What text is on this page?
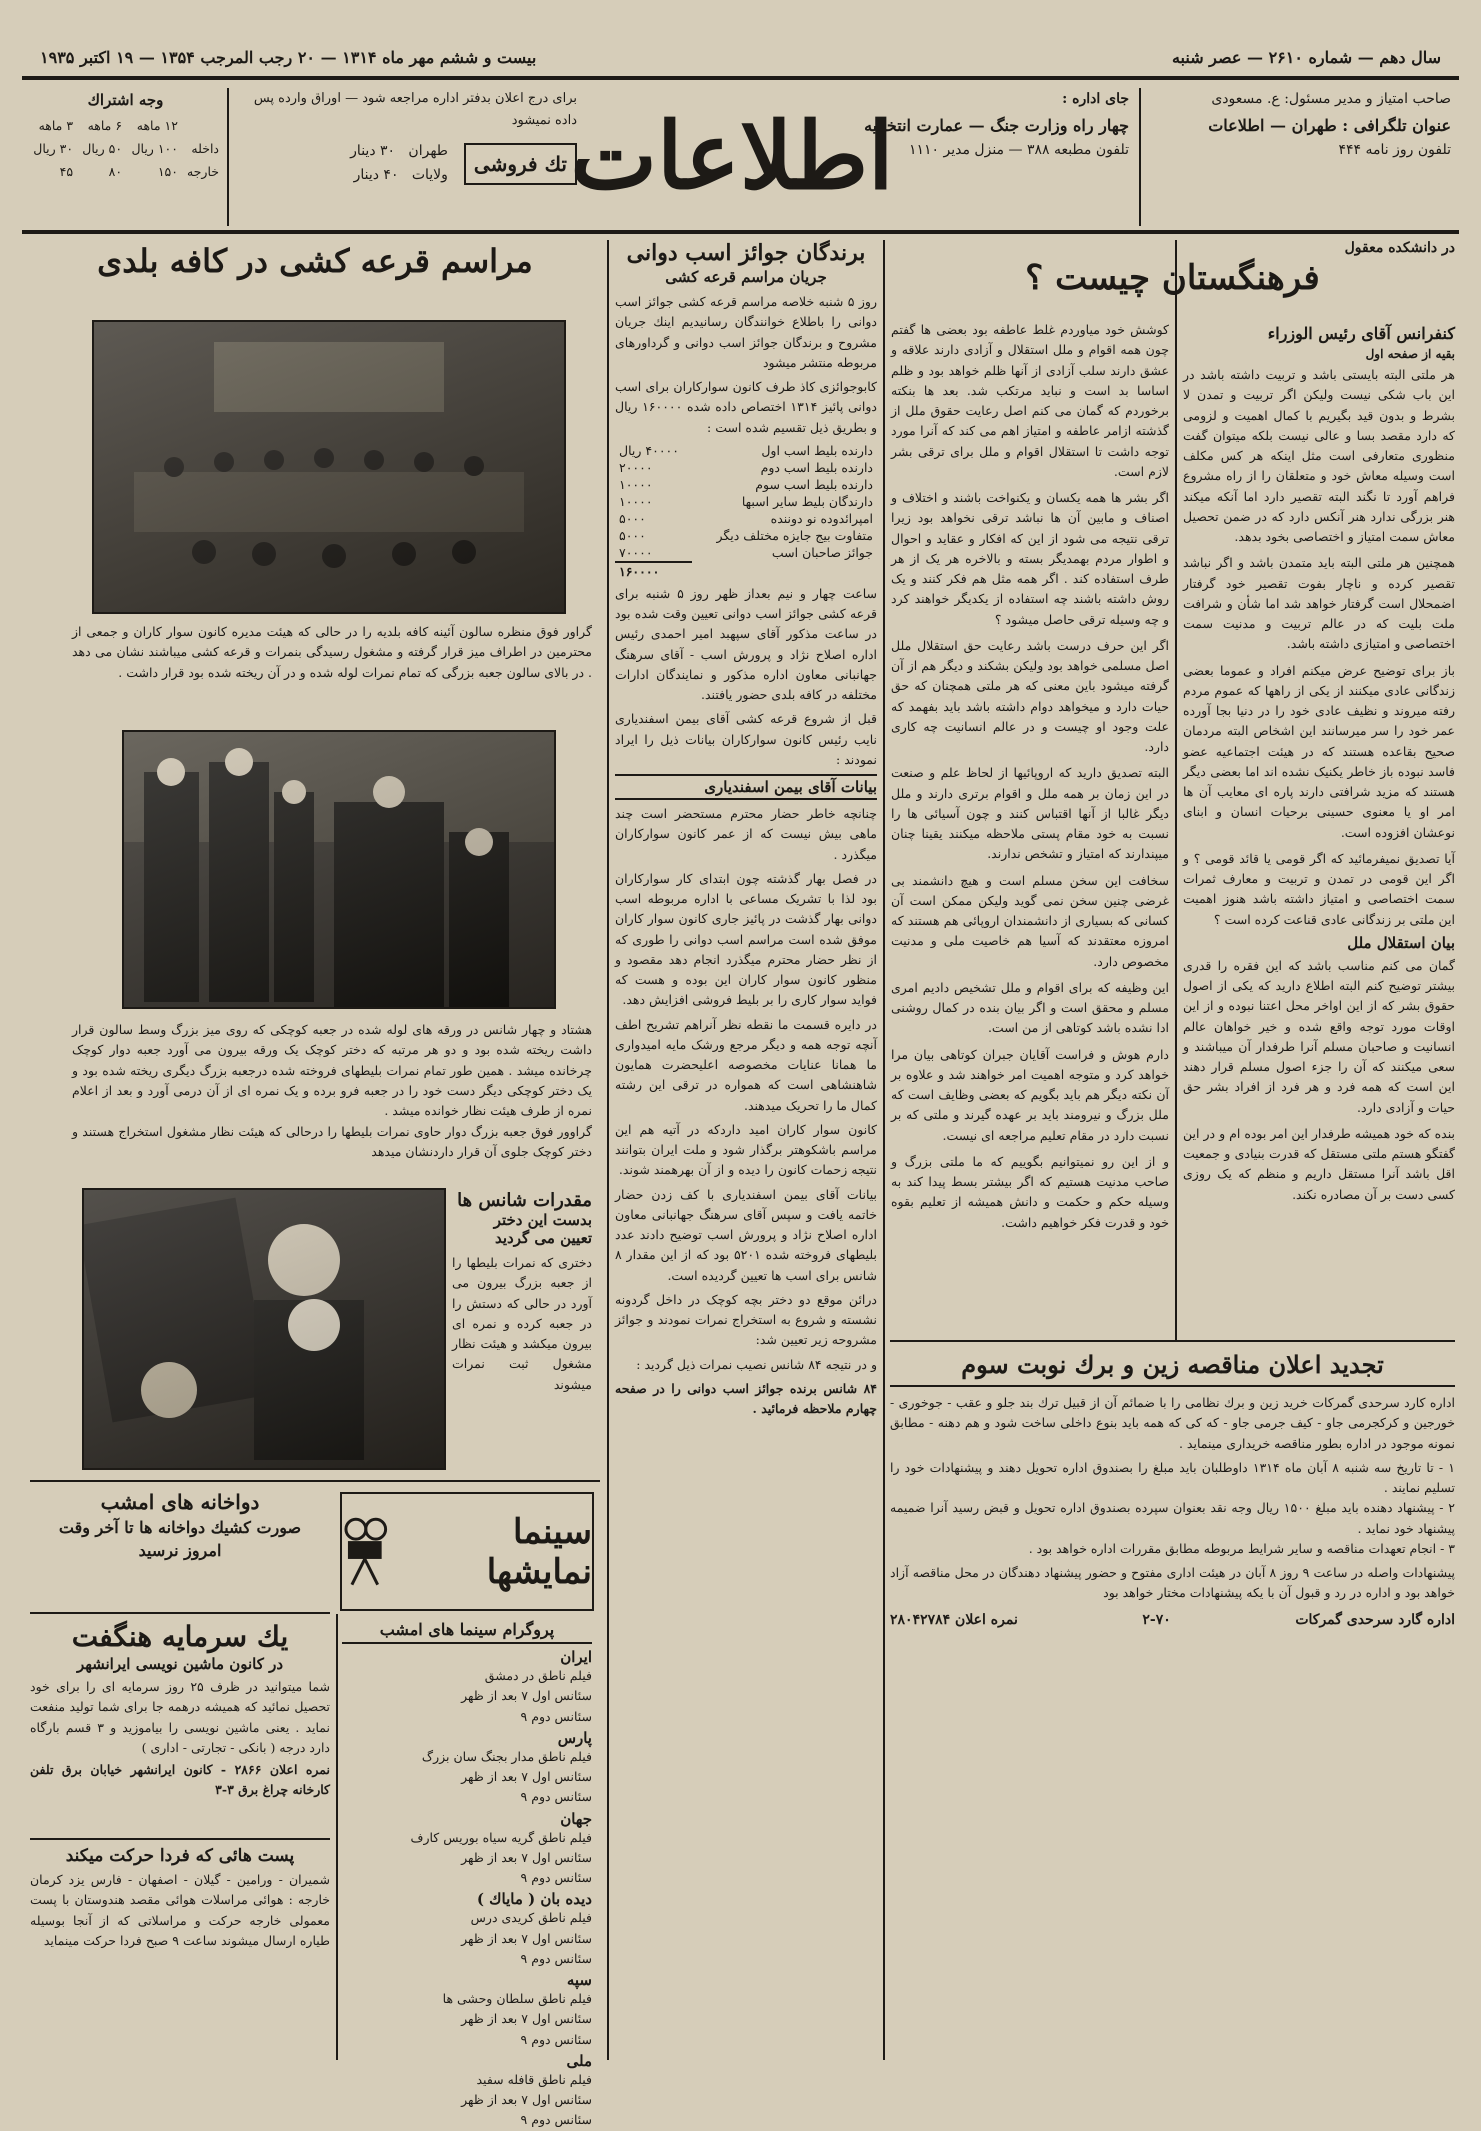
سال دهم — شماره ۲۶۱۰ — عصر شنبه
بیست و ششم مهر ماه ۱۳۱۴ — ۲۰ رجب المرجب ۱۳۵۴ — ۱۹ اکتبر ۱۹۳۵
صاحب امتیاز و مدیر مسئول: ع. مسعودی
عنوان تلگرافی : طهران — اطلاعات
تلفون روز نامه ۴۴۴
جای اداره :
چهار راه وزارت جنگ — عمارت انتخابیه
تلفون مطبعه ۳۸۸ — منزل مدیر ۱۱۱۰
اطلاعات
برای درج اعلان بدفتر اداره مراجعه شود — اوراق وارده پس داده نمیشود
تك فروشی
طهران   ۳۰ دینار
ولایات   ۴۰ دینار
وجه اشتراك
	۱۲ ماهه	۶ ماهه	۳ ماهه
داخله	۱۰۰ ریال	۵۰ ریال	۳۰ ریال
خارجه	۱۵۰	۸۰	۴۵
در دانشکده معقول
فرهنگستان چیست ؟
کنفرانس آقای رئیس الوزراء
بقیه از صفحه اول
هر ملتی البته بایستی باشد و تربیت داشته باشد در این باب شکی نیست ولیکن اگر تربیت و تمدن لا بشرط و بدون قید بگیریم با کمال اهمیت و لزومی که دارد مقصد بسا و عالی نیست بلکه میتوان گفت منظوری متعارفی است مثل اینکه هر کس مکلف است وسیله معاش خود و متعلقان را از راه مشروع فراهم آورد تا نگند البته تقصیر دارد اما آنکه میکند هنر بزرگی ندارد هنر آنکس دارد که در ضمن تحصیل معاش سمت امتیاز و اختصاصی بخود بدهد.
همچنین هر ملتی البته باید متمدن باشد و اگر نباشد تقصیر کرده و ناچار بفوت تقصیر خود گرفتار اضمحلال است گرفتار خواهد شد اما شأن و شرافت ملت بلیت که در عالم تربیت و مدنیت سمت اختصاصی و امتیازی داشته باشد.
باز برای توضیح عرض میکنم افراد و عموما بعضی زندگانی عادی میکنند از یکی از راهها که عموم مردم رفته میروند و نظیف عادی خود را در دنیا بجا آورده عمر خود را سر میرسانند این اشخاص البته مردمان صحیح بقاعده هستند که در هیئت اجتماعیه عضو فاسد نبوده باز خاطر یکنیک نشده اند اما بعضی دیگر هستند که مزید شرافتی دارند پاره ای معایب آن ها امر او یا معنوی حسینی برحیات انسان و ابنای نوعشان افزوده است.
آیا تصدیق نمیفرمائید که اگر قومی یا قائد قومی ؟ و اگر این قومی در تمدن و تربیت و معارف ثمرات سمت اختصاصی و امتیاز داشته باشد هنوز اهمیت این ملتی بر زندگانی عادی قناعت کرده است ؟
بیان استقلال ملل
گمان می کنم مناسب باشد که این فقره را قدری بیشتر توضیح کنم البته اطلاع دارید که یکی از اصول حقوق بشر که از این اواخر محل اعتنا نبوده و از این اوقات مورد توجه واقع شده و خیر خواهان عالم انسانیت و صاحبان مسلم آنرا طرفدار آن میباشند و سعی میکنند که آن را جزء اصول مسلم قرار دهند این است که همه فرد و هر فرد از افراد بشر حق حیات و آزادی دارد.
بنده که خود همیشه طرفدار این امر بوده ام و در این گفتگو هستم ملتی مستقل که قدرت بنیادی و جمعیت اقل باشد آنرا مستقل داریم و منظم که یک روزی کسی دست بر آن مصادره نکند.
کوشش خود میاوردم غلط عاطفه بود بعضی ها گفتم چون همه اقوام و ملل استقلال و آزادی دارند علاقه و عشق دارند سلب آزادی از آنها ظلم خواهد بود و ظلم اساسا بد است و نباید مرتکب شد. بعد ها بنکته برخوردم که گمان می کنم اصل رعایت حقوق ملل از گذشته ازامر عاطفه و امتیاز اهم می کند که آنرا مورد توجه داشت تا استقلال اقوام و ملل برای ترقی بشر لازم است.
اگر بشر ها همه یکسان و یکنواخت باشند و اختلاف و اصناف و مابین آن ها نباشد ترقی نخواهد بود زیرا ترقی نتیجه می شود از این که افکار و عقاید و احوال و اطوار مردم بهمدیگر بسته و بالاخره هر یک از هر طرف استفاده کند . اگر همه مثل هم فکر کنند و یک روش داشته باشند چه استفاده از یکدیگر خواهند کرد و چه وسیله ترقی حاصل میشود ؟
اگر این حرف درست باشد رعایت حق استقلال ملل اصل مسلمی خواهد بود ولیکن بشکند و دیگر هم از آن گرفته میشود باین معنی که هر ملتی همچنان که حق حیات دارد و میخواهد دوام داشته باشد باید بفهمد که علت وجود او چیست و در عالم انسانیت چه کاری دارد.
البته تصدیق دارید که اروپائیها از لحاظ علم و صنعت در این زمان بر همه ملل و اقوام برتری دارند و ملل دیگر غالبا از آنها اقتباس کنند و چون آسیائی ها را نسبت به خود مقام پستی ملاحظه میکنند یقینا چنان میپندارند که امتیاز و تشخص ندارند.
سخافت این سخن مسلم است و هیچ دانشمند بی غرضی چنین سخن نمی گوید ولیکن ممکن است آن کسانی که بسیاری از دانشمندان اروپائی هم هستند که امروزه معتقدند که آسیا هم خاصیت ملی و مدنیت مخصوص دارد.
این وظیفه که برای اقوام و ملل تشخیص دادیم امری مسلم و محقق است و اگر بیان بنده در کمال روشنی ادا نشده باشد کوتاهی از من است.
دارم هوش و فراست آقایان جبران کوتاهی بیان مرا خواهد کرد و متوجه اهمیت امر خواهند شد و علاوه بر آن نکته دیگر هم باید بگویم که بعضی وظایف است که ملل بزرگ و نیرومند باید بر عهده گیرند و ملتی که بر نسبت دارد در مقام تعلیم مراجعه ای نیست.
و از این رو نمیتوانیم بگوییم که ما ملتی بزرگ و صاحب مدنیت هستیم که اگر بیشتر بسط پیدا کند به وسیله حکم و حکمت و دانش همیشه از تعلیم بقوه خود و قدرت فکر خواهیم داشت.
تجدید اعلان مناقصه زین و برك نوبت سوم
اداره کارد سرحدی گمرکات خرید زین و برك نظامی را با ضمائم آن از قبیل ترك بند جلو و عقب - جوخوری - خورجین و کرکجرمی جاو - کیف جرمی جاو - که کی که همه باید بنوع داخلی ساخت شود و هم دهنه - مطابق نمونه موجود در اداره بطور مناقصه خریداری مینماید .
۱ - تا تاریخ سه شنبه ۸ آبان ماه ۱۳۱۴ داوطلبان باید مبلغ را بصندوق اداره تحویل دهند و پیشنهادات خود را تسلیم نمایند .
۲ - پیشنهاد دهنده باید مبلغ ۱۵۰۰ ریال وجه نقد بعنوان سپرده بصندوق اداره تحویل و قبض رسید آنرا ضمیمه پیشنهاد خود نماید .
۳ - انجام تعهدات مناقصه و سایر شرایط مربوطه مطابق مقررات اداره خواهد بود .
پیشنهادات واصله در ساعت ۹ روز ۸ آبان در هیئت اداری مفتوح و حضور پیشنهاد دهندگان در محل مناقصه آزاد خواهد بود و اداره در رد و قبول آن با یکه پیشنهادات مختار خواهد بود
اداره گارد سرحدی گمرکات
۲-۷۰
نمره اعلان ۲۸۰۴۲۷۸۴
برندگان جوائز اسب دوانی
جریان مراسم قرعه کشی
روز ۵ شنبه خلاصه مراسم قرعه کشی جوائز اسب دوانی را باطلاع خوانندگان رسانیدیم اینك جریان مشروح و برندگان جوائز اسب دوانی و گرداورهای مربوطه منتشر میشود
کابوجوائزی کاذ طرف کانون سوارکاران برای اسب دوانی پائیز ۱۳۱۴ اختصاص داده شده ۱۶۰۰۰۰ ریال و بطریق ذیل تقسیم شده است :
دارنده بلیط اسب اول	۴۰۰۰۰ ریال
دارنده بلیط اسب دوم	۲۰۰۰۰
دارنده بلیط اسب سوم	۱۰۰۰۰
دارندگان بلیط سایر اسبها	۱۰۰۰۰
امپرائدوده نو دوننده	۵۰۰۰
متفاوت بیج جایزه مختلف دیگر	۵۰۰۰
جوائز صاحبان اسب	۷۰۰۰۰
	۱۶۰۰۰۰
ساعت چهار و نیم بعداز ظهر روز ۵ شنبه برای قرعه کشی جوائز اسب دوانی تعیین وقت شده بود در ساعت مذکور آقای سپهبد امیر احمدی رئیس اداره اصلاح نژاد و پرورش اسب - آقای سرهنگ جهانبانی معاون اداره مذکور و نمایندگان ادارات مختلفه در کافه بلدی حضور یافتند.
قبل از شروع قرعه کشی آقای بیمن اسفندیاری نایب رئیس کانون سوارکاران بیانات ذیل را ایراد نمودند :
بیانات آقای بیمن اسفندیاری
چنانچه خاطر حضار محترم مستحضر است چند ماهی بیش نیست که از عمر کانون سوارکاران میگذرد .
در فصل بهار گذشته چون ابتدای کار سوارکاران بود لذا با تشریک مساعی با اداره مربوطه اسب دوانی بهار گذشت در پائیز جاری کانون سوار کاران موفق شده است مراسم اسب دوانی را طوری که از نظر حضار محترم میگذرد انجام دهد مقصود و منظور کانون سوار کاران این بوده و هست که فواید سوار کاری را بر بلیط فروشی افزایش دهد.
در دایره قسمت ما نقطه نظر آنراهم تشریح اطف آنچه توجه همه و دیگر مرجع ورشک مایه امیدواری ما همانا عنایات مخصوصه اعلیحضرت همایون شاهنشاهی است که همواره در ترقی این رشته کمال ما را تحریک میدهند.
کانون سوار کاران امید داردکه در آتیه هم این مراسم باشکوهتر برگذار شود و ملت ایران بتوانند نتیجه زحمات کانون را دیده و از آن بهرهمند شوند.
بیانات آقای بیمن اسفندیاری با کف زدن حضار خاتمه یافت و سپس آقای سرهنگ جهانبانی معاون اداره اصلاح نژاد و پرورش اسب توضیح دادند عدد بلیطهای فروخته شده ۵۲۰۱ بود که از این مقدار ۸ شانس برای اسب ها تعیین گردیده است.
درائن موقع دو دختر بچه کوچک در داخل گردونه نشسته و شروع به استخراج نمرات نمودند و جوائز مشروحه زیر تعیین شد:
و در نتیجه ۸۴ شانس نصیب نمرات ذیل گردید :
۸۴ شانس برنده جوائز اسب دوانی را در صفحه چهارم ملاحظه فرمائید .
مراسم قرعه کشی در کافه بلدی
گراور فوق منظره سالون آئینه کافه بلدیه را در حالی که هیئت مدیره کانون سوار کاران و جمعی از محترمین در اطراف میز قرار گرفته و مشغول رسیدگی بنمرات و قرعه کشی میباشند نشان می دهد . در بالای سالون جعبه بزرگی که تمام نمرات لوله شده و در آن ریخته شده بود قرار داشت .
هشتاد و چهار شانس در ورقه های لوله شده در جعبه کوچکی که روی میز بزرگ وسط سالون قرار داشت ریخته شده بود و دو هر مرتبه که دختر کوچک یک ورقه بیرون می آورد جعبه دوار کوچک چرخانده میشد . همین طور تمام نمرات بلیطهای فروخته شده درجعبه بزرگ دیگری ریخته شده بود و یک دختر کوچکی دیگر دست خود را در جعبه فرو برده و یک نمره ای از آن درمی آورد و بعد از اعلام نمره از طرف هیئت نظار خوانده میشد .
گراوور فوق جعبه بزرگ دوار حاوی نمرات بلیطها را درحالی که هیئت نظار مشغول استخراج هستند و دختر کوچک جلوی آن قرار داردنشان میدهد
مقدرات شانس ها
بدست این دختر
تعیین می گردید
دختری که نمرات بلیطها را از جعبه بزرگ بیرون می آورد در حالی که دستش را در جعبه کرده و نمره ای بیرون میکشد و هیئت نظار مشغول ثبت نمرات میشوند
دواخانه های امشب
صورت کشیك دواخانه ها تا آخر وقت
امروز نرسید	سینما نمایشها
یك سرمایه هنگفت
در کانون ماشین نویسی ایرانشهر
شما میتوانید در ظرف ۲۵ روز سرمایه ای را برای خود تحصیل نمائید که همیشه درهمه جا برای شما تولید منفعت نماید . یعنی ماشین نویسی را بیاموزید و ۳ قسم بارگاه دارد درجه ( بانکی - تجارتی - اداری )
نمره اعلان ۲۸۶۶ - کانون ایرانشهر خیابان برق تلفن کارخانه چراغ برق ۳-۳
پست هائی که فردا حرکت میکند
شمیران - ورامین - گیلان - اصفهان - فارس یزد کرمان خارجه : هوائی مراسلات هوائی مقصد هندوستان با پست معمولی خارجه حرکت و مراسلاتی که از آنجا بوسیله طیاره ارسال میشوند ساعت ۹ صبح فردا حرکت مینماید
پروگرام سینما های امشب
ایران
فیلم ناطق در دمشق
سئانس اول ۷ بعد از ظهر
سئانس دوم ۹
پارس
فیلم ناطق مدار بجنگ سان بزرگ
سئانس اول ۷ بعد از ظهر
سئانس دوم ۹
جهان
فیلم ناطق گریه سیاه بوریس کارف
سئانس اول ۷ بعد از ظهر
سئانس دوم ۹
دیده بان ( ماياك )
فیلم ناطق کریدی درس
سئانس اول ۷ بعد از ظهر
سئانس دوم ۹
سپه
فیلم ناطق سلطان وحشی ها
سئانس اول ۷ بعد از ظهر
سئانس دوم ۹
ملی
فیلم ناطق قافله سفید
سئانس اول ۷ بعد از ظهر
سئانس دوم ۹
